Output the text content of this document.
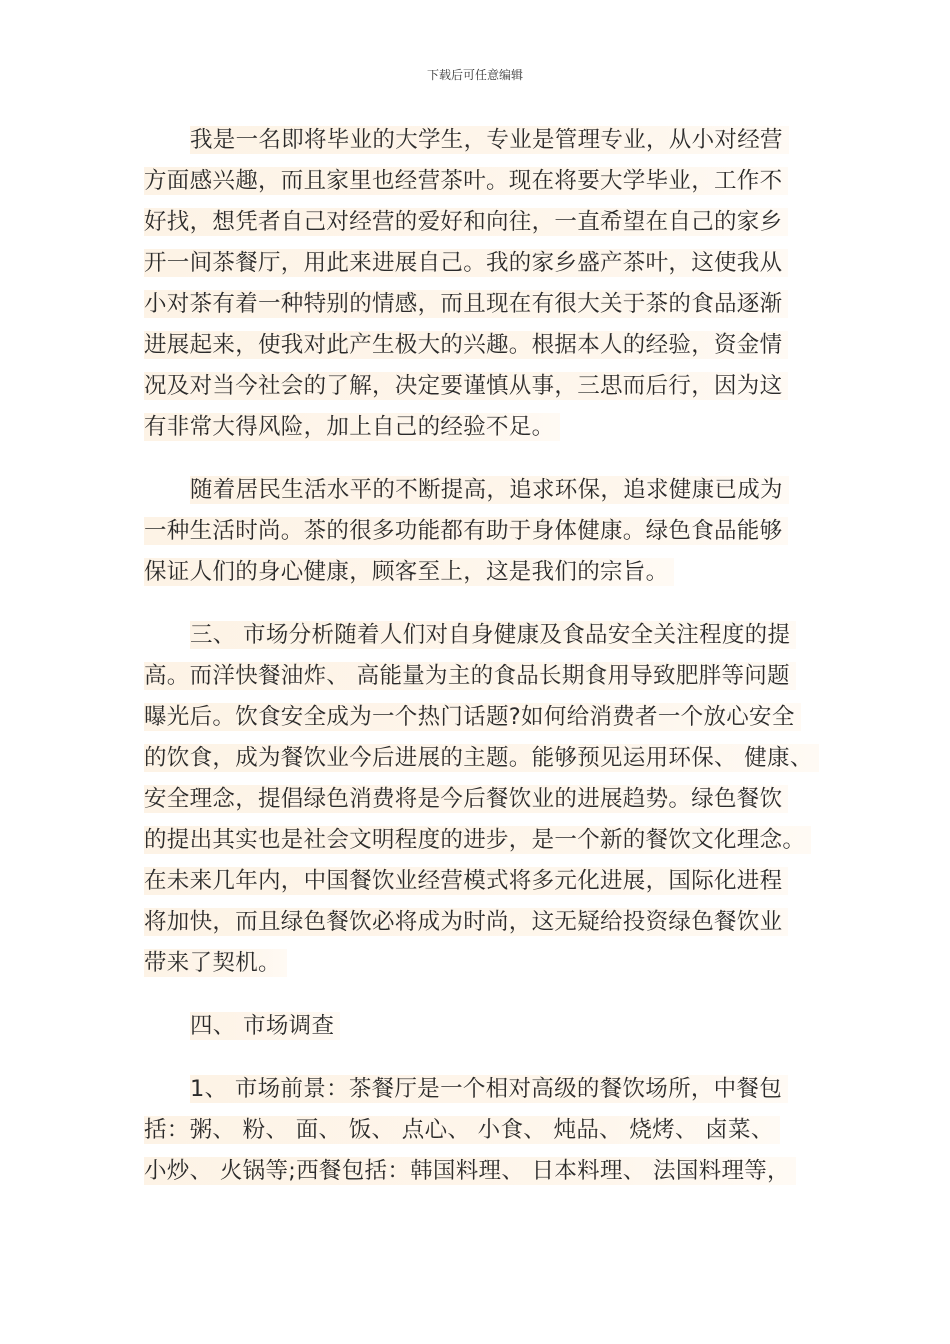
下载后可任意编辑
我是一名即将毕业的大学生，专业是管理专业，从小对经营
方面感兴趣，而且家里也经营茶叶。现在将要大学毕业，工作不
好找，想凭者自己对经营的爱好和向往，一直希望在自己的家乡
开一间茶餐厅，用此来进展自己。我的家乡盛产茶叶，这使我从
小对茶有着一种特别的情感，而且现在有很大关于茶的食品逐渐
进展起来，使我对此产生极大的兴趣。根据本人的经验，资金情
况及对当今社会的了解，决定要谨慎从事，三思而后行，因为这
有非常大得风险，加上自己的经验不足。
随着居民生活水平的不断提高，追求环保，追求健康已成为
一种生活时尚。茶的很多功能都有助于身体健康。绿色食品能够
保证人们的身心健康，顾客至上，这是我们的宗旨。
三、 市场分析随着人们对自身健康及食品安全关注程度的提
高。而洋快餐油炸、 高能量为主的食品长期食用导致肥胖等问题
曝光后。饮食安全成为一个热门话题?如何给消费者一个放心安全
的饮食，成为餐饮业今后进展的主题。能够预见运用环保、 健康、
安全理念，提倡绿色消费将是今后餐饮业的进展趋势。绿色餐饮
的提出其实也是社会文明程度的进步，是一个新的餐饮文化理念。
在未来几年内，中国餐饮业经营模式将多元化进展，国际化进程
将加快，而且绿色餐饮必将成为时尚，这无疑给投资绿色餐饮业
带来了契机。
四、 市场调查
1、 市场前景：茶餐厅是一个相对高级的餐饮场所，中餐包
括：粥、 粉、 面、 饭、 点心、 小食、 炖品、 烧烤、 卤菜、
小炒、 火锅等;西餐包括：韩国料理、 日本料理、 法国料理等，
